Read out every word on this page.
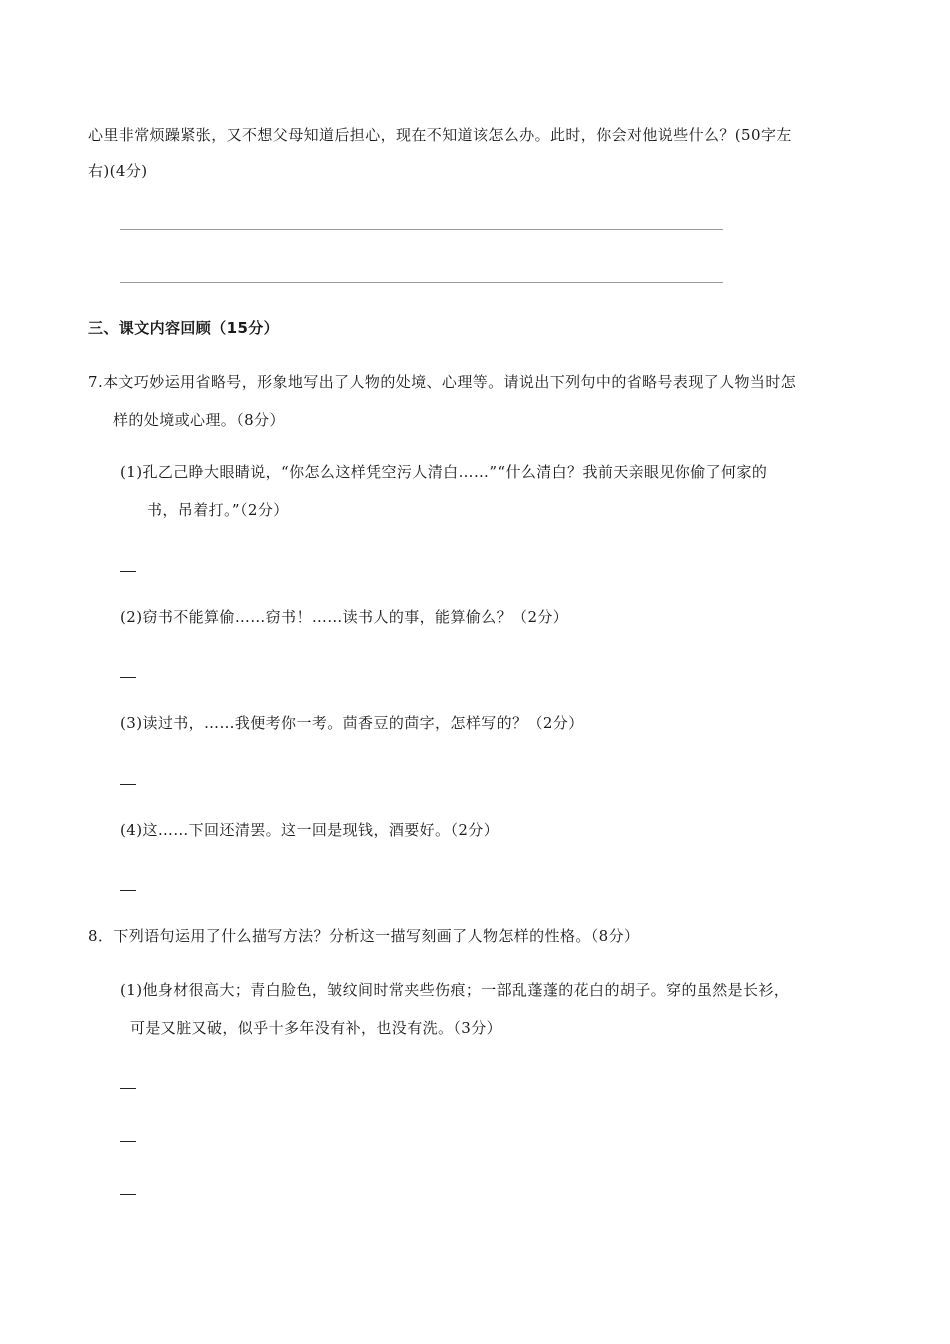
心里非常烦躁紧张，又不想父母知道后担心，现在不知道该怎么办。此时，你会对他说些什么？(50字左
右)(4分)
三、课文内容回顾（15分）
7.本文巧妙运用省略号，形象地写出了人物的处境、心理等。请说出下列句中的省略号表现了人物当时怎
样的处境或心理。（8分）
(1)孔乙己睁大眼睛说，“你怎么这样凭空污人清白……”“什么清白？我前天亲眼见你偷了何家的
书，吊着打。”（2分）
(2)窃书不能算偷……窃书！……读书人的事，能算偷么？（2分）
(3)读过书，……我便考你一考。茴香豆的茴字，怎样写的？（2分）
(4)这……下回还清罢。这一回是现钱，酒要好。（2分）
8．下列语句运用了什么描写方法？分析这一描写刻画了人物怎样的性格。（8分）
(1)他身材很高大；青白脸色，皱纹间时常夹些伤痕；一部乱蓬蓬的花白的胡子。穿的虽然是长衫，
可是又脏又破，似乎十多年没有补，也没有洗。（3分）
